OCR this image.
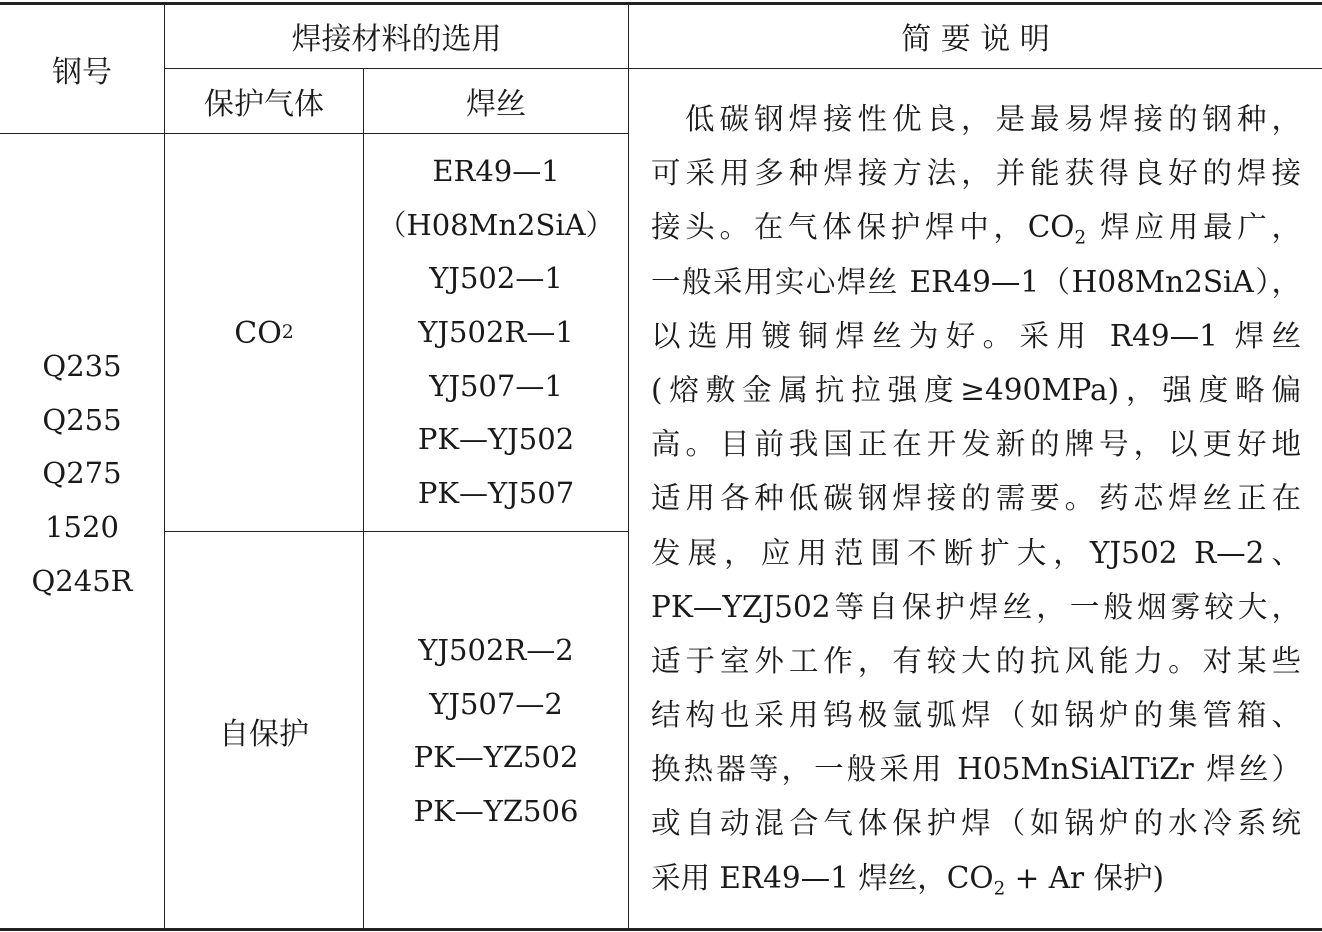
钢号
焊接材料的选用	简 要 说 明
保护气体	焊丝
Q235
Q255
Q275
1520
Q245R
CO 2
ER49—1
（H08Mn2SiA）
YJ502—1
YJ502R—1
YJ507—1
PK—YJ502
PK—YJ507
自保护
YJ502R—2
YJ507—2
PK—YZ502
PK—YZ506
低碳钢焊接性优良，是最易焊接的钢种，
可采用多种焊接方法，并能获得良好的焊接
接头。在气体保护焊中，$CO_2$ 焊应用最广，
一般采用实心焊丝 ER49—1（H08Mn2SiA），
以选用镀铜焊丝为好。采用 R49—1 焊丝
(熔敷金属抗拉强度≥490MPa)，强度略偏
高。目前我国正在开发新的牌号，以更好地
适用各种低碳钢焊接的需要。药芯焊丝正在
发展，应用范围不断扩大，YJ502 R—2、
PK—YZJ502等自保护焊丝，一般烟雾较大，
适于室外工作，有较大的抗风能力。对某些
结构也采用钨极氩弧焊（如锅炉的集管箱、
换热器等，一般采用 H05MnSiAlTiZr 焊丝）
或自动混合气体保护焊（如锅炉的水冷系统
采用 ER49—1 焊丝，$CO_2 + Ar$ 保护)
